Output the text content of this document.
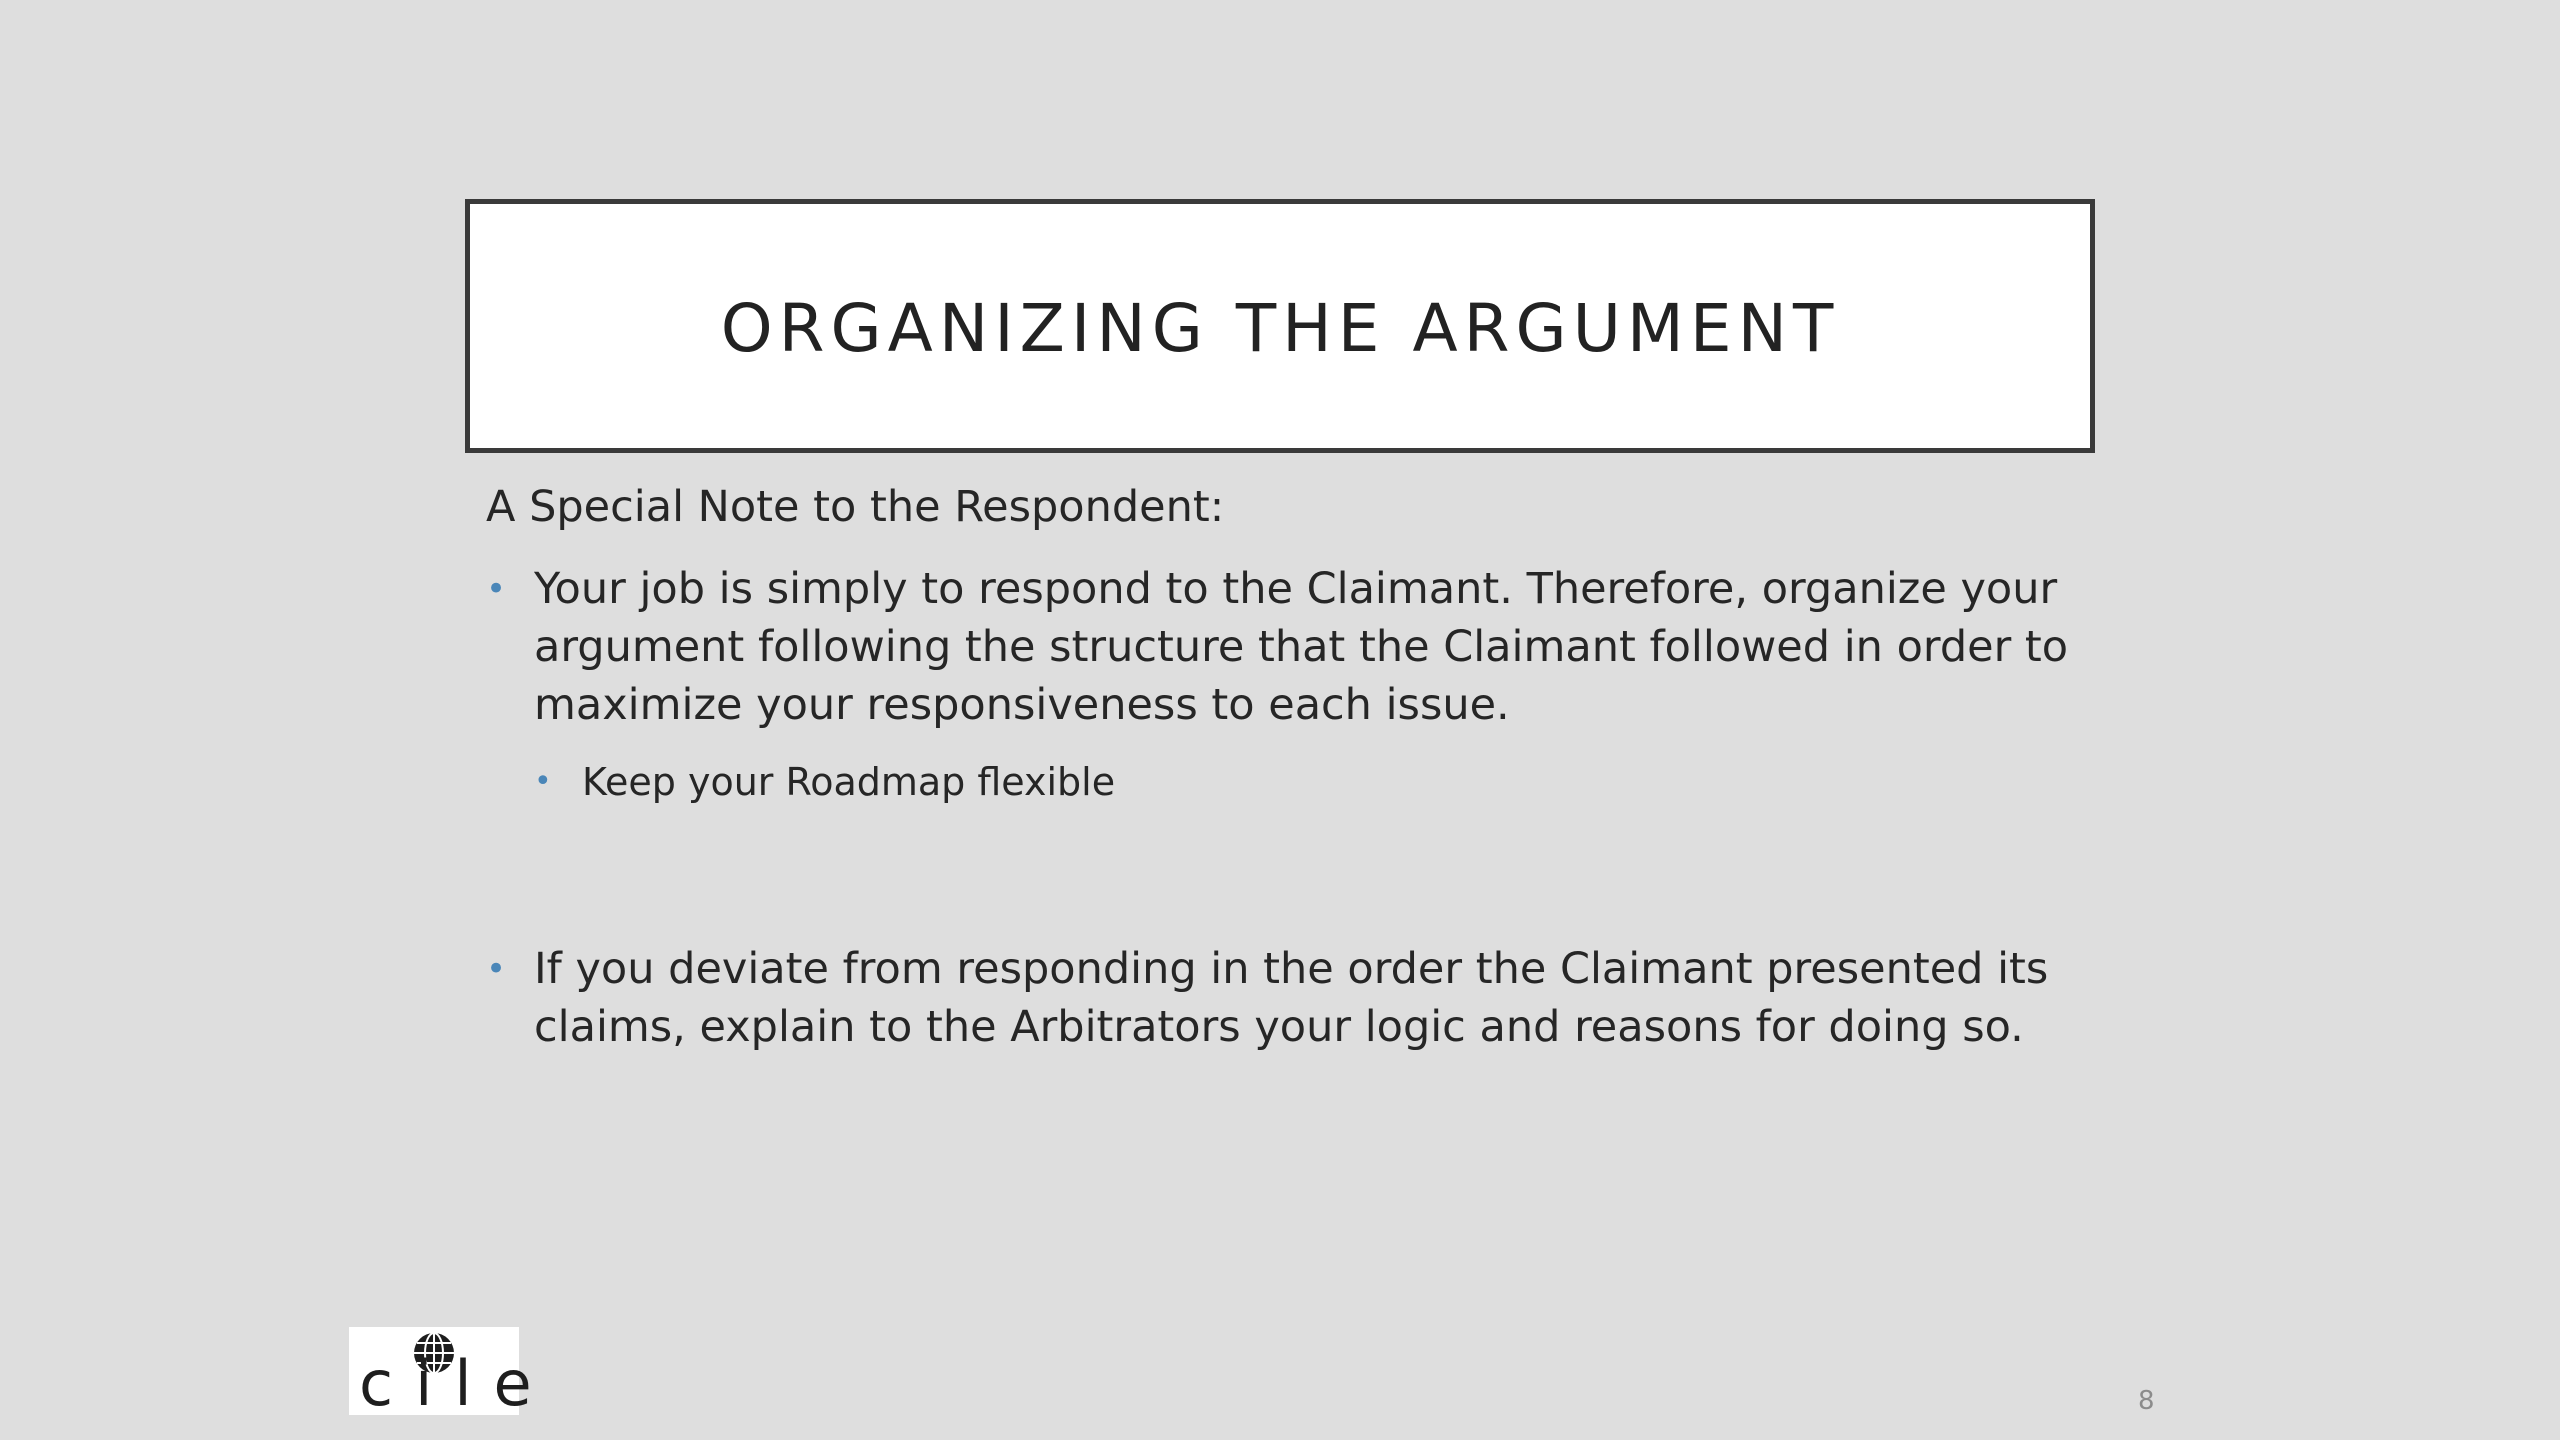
ORGANIZING THE ARGUMENT

A Special Note to the Respondent:

• Your job is simply to respond to the Claimant. Therefore, organize your argument following the structure that the Claimant followed in order to maximize your responsiveness to each issue.
• Keep your Roadmap flexible
• If you deviate from responding in the order the Claimant presented its claims, explain to the Arbitrators your logic and reasons for doing so.
cile	8
